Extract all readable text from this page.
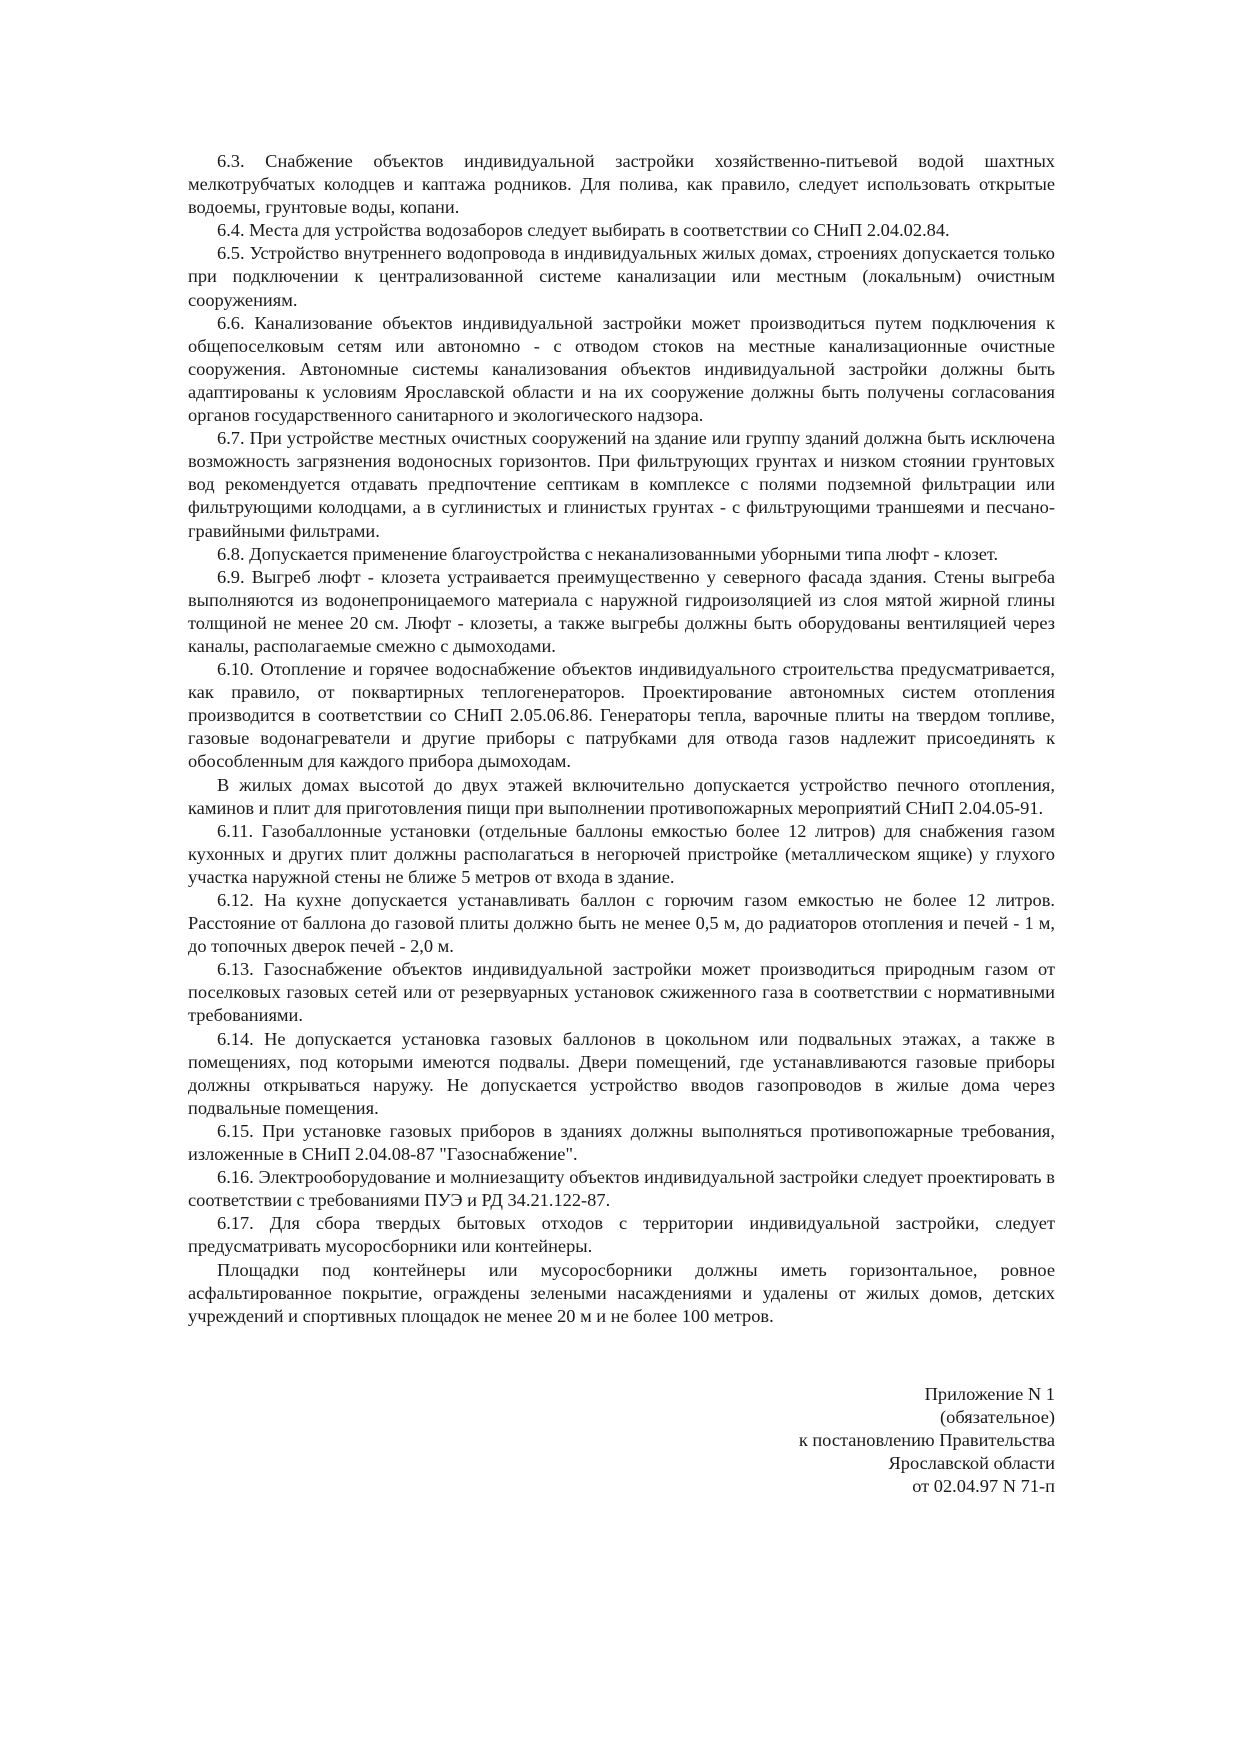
6.3. Снабжение объектов индивидуальной застройки хозяйственно-питьевой водой шахтных мелкотрубчатых колодцев и каптажа родников. Для полива, как правило, следует использовать открытые водоемы, грунтовые воды, копани.

6.4. Места для устройства водозаборов следует выбирать в соответствии со СНиП 2.04.02.84.

6.5. Устройство внутреннего водопровода в индивидуальных жилых домах, строениях допускается только при подключении к централизованной системе канализации или местным (локальным) очистным сооружениям.

6.6. Канализование объектов индивидуальной застройки может производиться путем подключения к общепоселковым сетям или автономно - с отводом стоков на местные канализационные очистные сооружения. Автономные системы канализования объектов индивидуальной застройки должны быть адаптированы к условиям Ярославской области и на их сооружение должны быть получены согласования органов государственного санитарного и экологического надзора.

6.7. При устройстве местных очистных сооружений на здание или группу зданий должна быть исключена возможность загрязнения водоносных горизонтов. При фильтрующих грунтах и низком стоянии грунтовых вод рекомендуется отдавать предпочтение септикам в комплексе с полями подземной фильтрации или фильтрующими колодцами, а в суглинистых и глинистых грунтах - с фильтрующими траншеями и песчано-гравийными фильтрами.

6.8. Допускается применение благоустройства с неканализованными уборными типа люфт - клозет.

6.9. Выгреб люфт - клозета устраивается преимущественно у северного фасада здания. Стены выгреба выполняются из водонепроницаемого материала с наружной гидроизоляцией из слоя мятой жирной глины толщиной не менее 20 см. Люфт - клозеты, а также выгребы должны быть оборудованы вентиляцией через каналы, располагаемые смежно с дымоходами.

6.10. Отопление и горячее водоснабжение объектов индивидуального строительства предусматривается, как правило, от поквартирных теплогенераторов. Проектирование автономных систем отопления производится в соответствии со СНиП 2.05.06.86. Генераторы тепла, варочные плиты на твердом топливе, газовые водонагреватели и другие приборы с патрубками для отвода газов надлежит присоединять к обособленным для каждого прибора дымоходам.

В жилых домах высотой до двух этажей включительно допускается устройство печного отопления, каминов и плит для приготовления пищи при выполнении противопожарных мероприятий СНиП 2.04.05-91.

6.11. Газобаллонные установки (отдельные баллоны емкостью более 12 литров) для снабжения газом кухонных и других плит должны располагаться в негорючей пристройке (металлическом ящике) у глухого участка наружной стены не ближе 5 метров от входа в здание.

6.12. На кухне допускается устанавливать баллон с горючим газом емкостью не более 12 литров. Расстояние от баллона до газовой плиты должно быть не менее 0,5 м, до радиаторов отопления и печей - 1 м, до топочных дверок печей - 2,0 м.

6.13. Газоснабжение объектов индивидуальной застройки может производиться природным газом от поселковых газовых сетей или от резервуарных установок сжиженного газа в соответствии с нормативными требованиями.

6.14. Не допускается установка газовых баллонов в цокольном или подвальных этажах, а также в помещениях, под которыми имеются подвалы. Двери помещений, где устанавливаются газовые приборы должны открываться наружу. Не допускается устройство вводов газопроводов в жилые дома через подвальные помещения.

6.15. При установке газовых приборов в зданиях должны выполняться противопожарные требования, изложенные в СНиП 2.04.08-87 "Газоснабжение".

6.16. Электрооборудование и молниезащиту объектов индивидуальной застройки следует проектировать в соответствии с требованиями ПУЭ и РД 34.21.122-87.

6.17. Для сбора твердых бытовых отходов с территории индивидуальной застройки, следует предусматривать мусоросборники или контейнеры.

Площадки под контейнеры или мусоросборники должны иметь горизонтальное, ровное асфальтированное покрытие, ограждены зелеными насаждениями и удалены от жилых домов, детских учреждений и спортивных площадок не менее 20 м и не более 100 метров.

Приложение N 1
(обязательное)
к постановлению Правительства
Ярославской области
от 02.04.97 N 71-п
